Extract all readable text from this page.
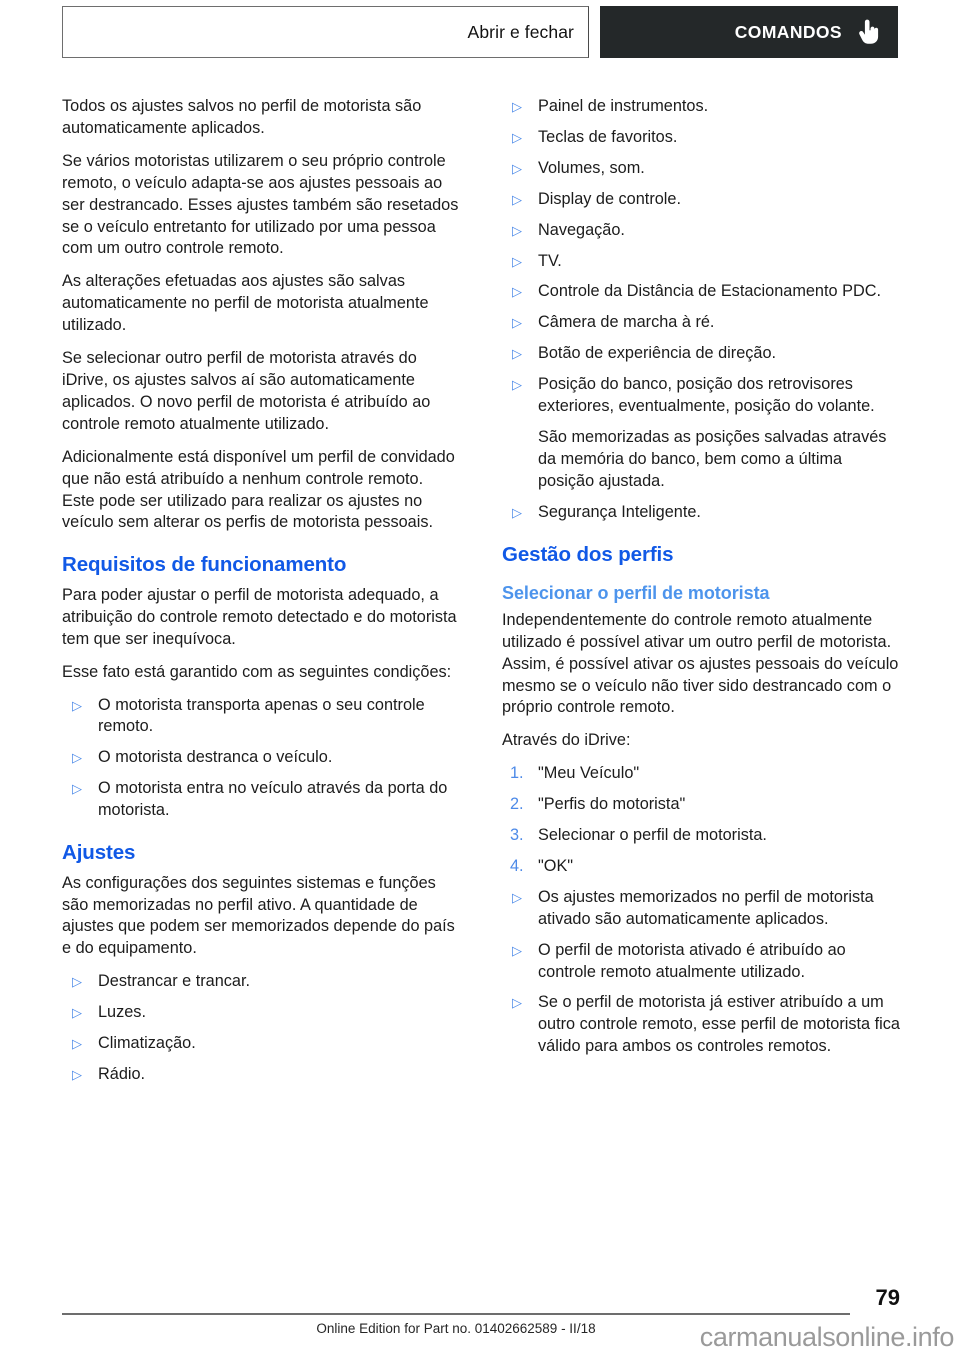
Abrir e fechar	COMANDOS

Todos os ajustes salvos no perfil de motorista são automaticamente aplicados.

Se vários motoristas utilizarem o seu próprio controle remoto, o veículo adapta-se aos ajustes pessoais ao ser destrancado. Esses ajustes também são resetados se o veículo entretanto for utilizado por uma pessoa com um outro controle remoto.

As alterações efetuadas aos ajustes são salvas automaticamente no perfil de motorista atualmente utilizado.

Se selecionar outro perfil de motorista através do iDrive, os ajustes salvos aí são automaticamente aplicados. O novo perfil de motorista é atribuído ao controle remoto atualmente utilizado.

Adicionalmente está disponível um perfil de convidado que não está atribuído a nenhum controle remoto. Este pode ser utilizado para realizar os ajustes no veículo sem alterar os perfis de motorista pessoais.

Requisitos de funcionamento

Para poder ajustar o perfil de motorista adequado, a atribuição do controle remoto detectado e do motorista tem que ser inequívoca.

Esse fato está garantido com as seguintes condições:

▷ O motorista transporta apenas o seu controle remoto.
▷ O motorista destranca o veículo.
▷ O motorista entra no veículo através da porta do motorista.
Ajustes

As configurações dos seguintes sistemas e funções são memorizadas no perfil ativo. A quantidade de ajustes que podem ser memorizados depende do país e do equipamento.

▷ Destrancar e trancar.
▷ Luzes.
▷ Climatização.
▷ Rádio.
▷ Painel de instrumentos.
▷ Teclas de favoritos.
▷ Volumes, som.
▷ Display de controle.
▷ Navegação.
▷ TV.
▷ Controle da Distância de Estacionamento PDC.
▷ Câmera de marcha à ré.
▷ Botão de experiência de direção.
▷ Posição do banco, posição dos retrovisores exteriores, eventualmente, posição do volante.

São memorizadas as posições salvadas através da memória do banco, bem como a última posição ajustada.

▷ Segurança Inteligente.
Gestão dos perfis
Selecionar o perfil de motorista

Independentemente do controle remoto atualmente utilizado é possível ativar um outro perfil de motorista. Assim, é possível ativar os ajustes pessoais do veículo mesmo se o veículo não tiver sido destrancado com o próprio controle remoto.

Através do iDrive:

1. "Meu Veículo"
2. "Perfis do motorista"
3. Selecionar o perfil de motorista.
4. "OK"
▷ Os ajustes memorizados no perfil de motorista ativado são automaticamente aplicados.
▷ O perfil de motorista ativado é atribuído ao controle remoto atualmente utilizado.
▷ Se o perfil de motorista já estiver atribuído a um outro controle remoto, esse perfil de motorista fica válido para ambos os controles remotos.
79
Online Edition for Part no. 01402662589 - II/18	carmanualsonline.info
